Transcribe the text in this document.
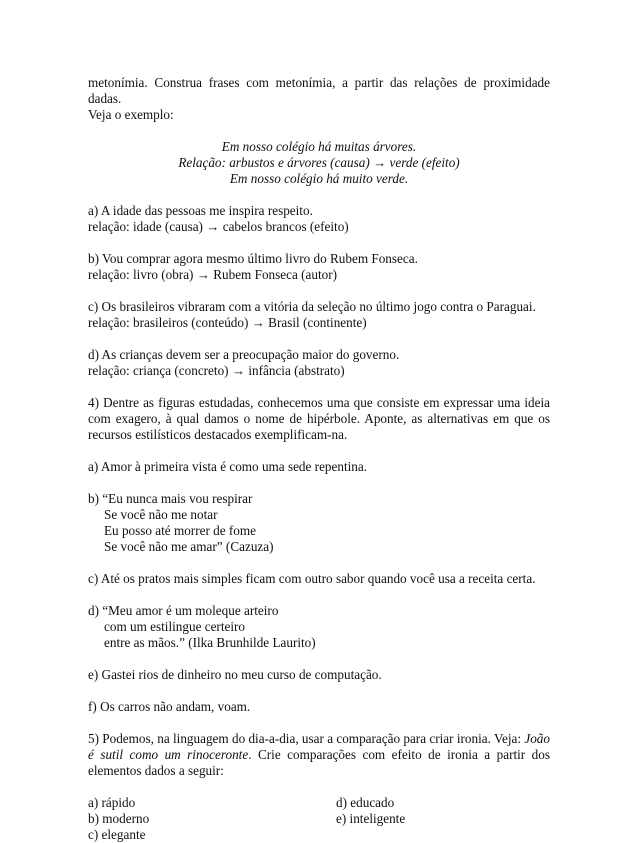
metonímia. Construa frases com metonímia, a partir das relações de proximidade dadas.

Veja o exemplo:

Em nosso colégio há muitas árvores.

Relação: arbustos e árvores (causa) → verde (efeito)

Em nosso colégio há muito verde.

a) A idade das pessoas me inspira respeito.

relação: idade (causa) → cabelos brancos (efeito)

b) Vou comprar agora mesmo último livro do Rubem Fonseca.

relação: livro (obra) → Rubem Fonseca (autor)

c) Os brasileiros vibraram com a vitória da seleção no último jogo contra o Paraguai.

relação: brasileiros (conteúdo) → Brasil (continente)

d) As crianças devem ser a preocupação maior do governo.

relação: criança (concreto) → infância (abstrato)

4) Dentre as figuras estudadas, conhecemos uma que consiste em expressar uma ideia com exagero, à qual damos o nome de hipérbole. Aponte, as alternativas em que os recursos estilísticos destacados exemplificam-na.

a) Amor à primeira vista é como uma sede repentina.

b) “Eu nunca mais vou respirar

Se você não me notar

Eu posso até morrer de fome

Se você não me amar” (Cazuza)

c) Até os pratos mais simples ficam com outro sabor quando você usa a receita certa.

d) “Meu amor é um moleque arteiro

com um estilingue certeiro

entre as mãos.” (Ilka Brunhilde Laurito)

e) Gastei rios de dinheiro no meu curso de computação.

f) Os carros não andam, voam.

5) Podemos, na linguagem do dia-a-dia, usar a comparação para criar ironia. Veja: João é sutil como um rinoceronte. Crie comparações com efeito de ironia a partir dos elementos dados a seguir:

a) rápido

b) moderno

c) elegante

d) educado

e) inteligente
